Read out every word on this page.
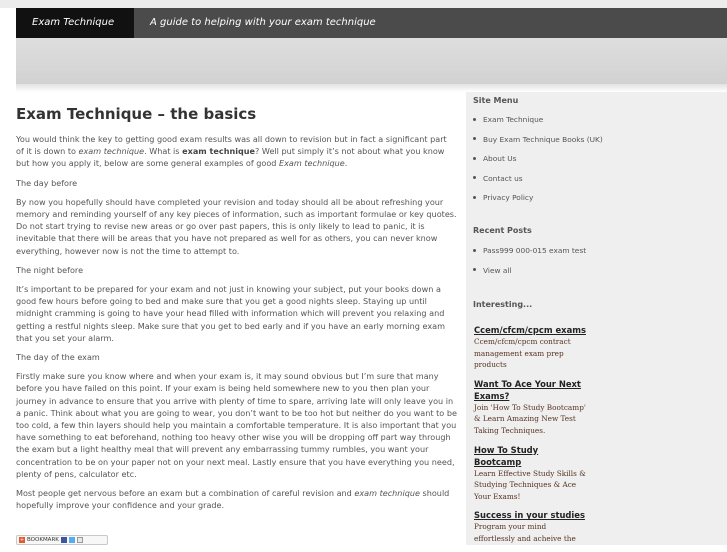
Exam Technique	A guide to helping with your exam technique
Exam Technique – the basics

You would think the key to getting good exam results was all down to revision but in fact a significant part of it is down to exam technique. What is exam technique? Well put simply it’s not about what you know but how you apply it, below are some general examples of good Exam technique.

The day before

By now you hopefully should have completed your revision and today should all be about refreshing your memory and reminding yourself of any key pieces of information, such as important formulae or key quotes. Do not start trying to revise new areas or go over past papers, this is only likely to lead to panic, it is inevitable that there will be areas that you have not prepared as well for as others, you can never know everything, however now is not the time to attempt to.

The night before

It’s important to be prepared for your exam and not just in knowing your subject, put your books down a good few hours before going to bed and make sure that you get a good nights sleep. Staying up until midnight cramming is going to have your head filled with information which will prevent you relaxing and getting a restful nights sleep. Make sure that you get to bed early and if you have an early morning exam that you set your alarm.

The day of the exam

Firstly make sure you know where and when your exam is, it may sound obvious but I’m sure that many before you have failed on this point. If your exam is being held somewhere new to you then plan your journey in advance to ensure that you arrive with plenty of time to spare, arriving late will only leave you in a panic. Think about what you are going to wear, you don’t want to be too hot but neither do you want to be too cold, a few thin layers should help you maintain a comfortable temperature. It is also important that you have something to eat beforehand, nothing too heavy other wise you will be dropping off part way through the exam but a light healthy meal that will prevent any embarrassing tummy rumbles, you want your concentration to be on your paper not on your next meal. Lastly ensure that you have everything you need, plenty of pens, calculator etc.

Most people get nervous before an exam but a combination of careful revision and exam technique should hopefully improve your confidence and your grade.

+ BOOKMARK
Site Menu
Exam Technique
Buy Exam Technique Books (UK)
About Us
Contact us
Privacy Policy
Recent Posts
Pass999 000-015 exam test
View all
Interesting...
Ccem/cfcm/cpcm exams
Ccem/cfcm/cpcm contract management exam prep products
Want To Ace Your Next Exams?
Join 'How To Study Bootcamp' & Learn Amazing New Test Taking Techniques.
How To Study Bootcamp
Learn Effective Study Skills & Studying Techniques & Ace Your Exams!
Success in your studies
Program your mind effortlessly and acheive the
